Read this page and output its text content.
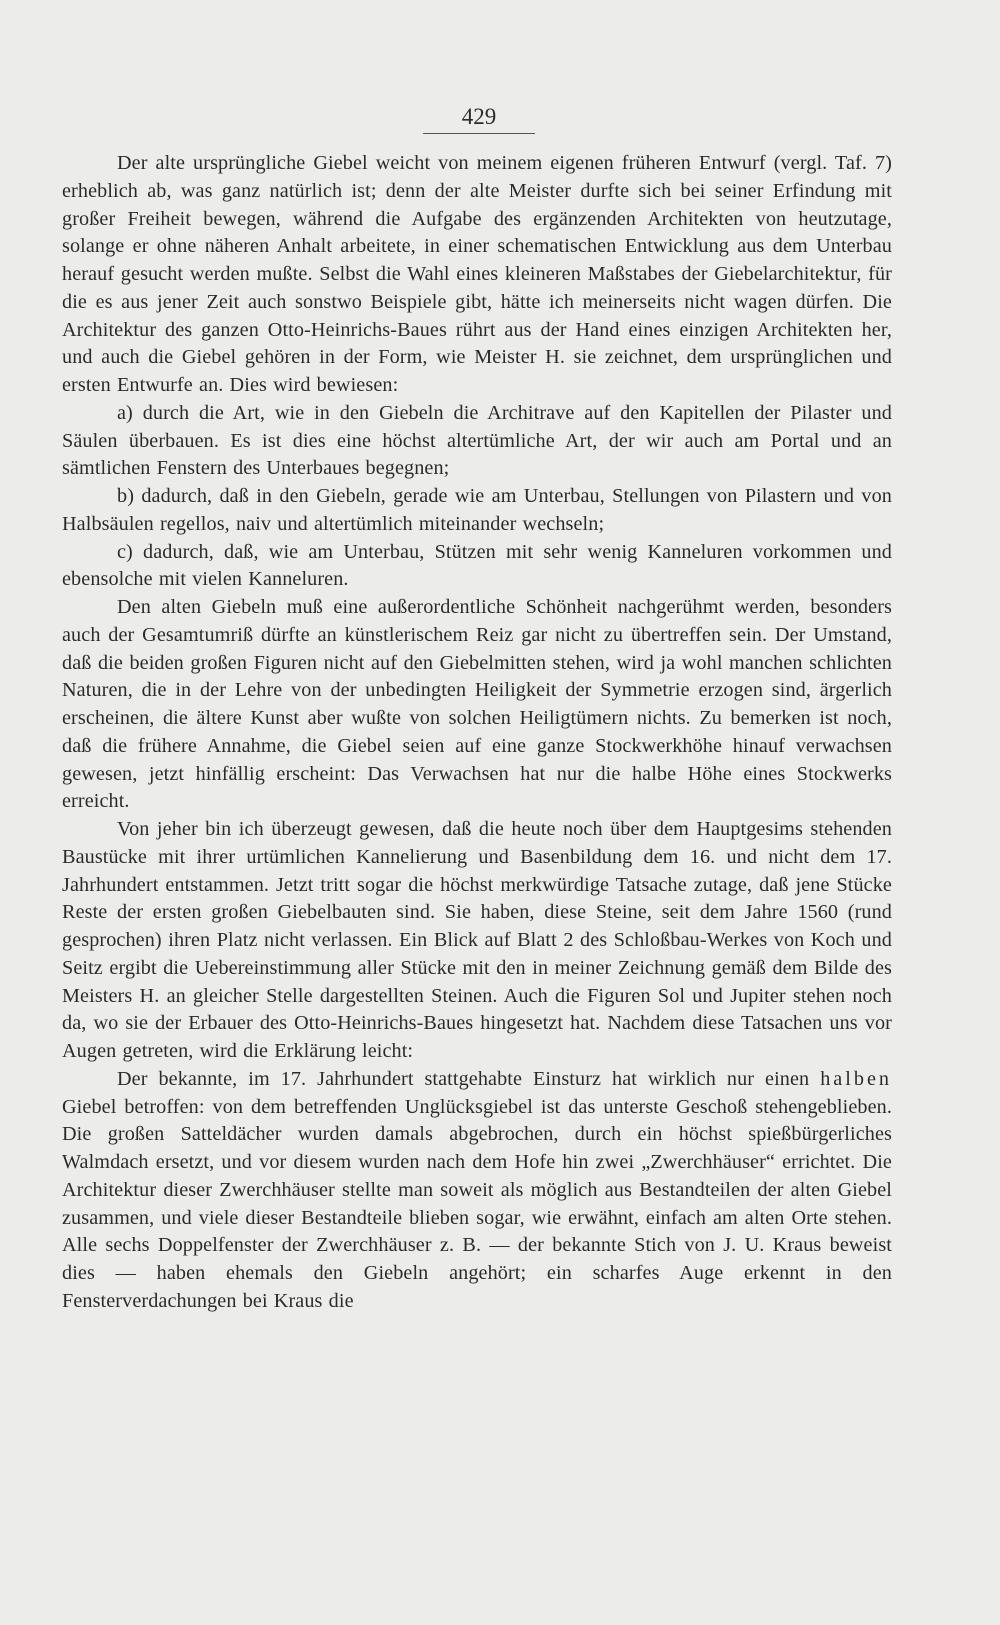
429

Der alte ursprüngliche Giebel weicht von meinem eigenen früheren Entwurf (vergl. Taf. 7) erheblich ab, was ganz natürlich ist; denn der alte Meister durfte sich bei seiner Erfindung mit großer Freiheit bewegen, während die Aufgabe des ergänzenden Architekten von heutzutage, solange er ohne näheren Anhalt arbeitete, in einer schematischen Entwicklung aus dem Unterbau herauf gesucht werden mußte. Selbst die Wahl eines kleineren Maßstabes der Giebelarchitektur, für die es aus jener Zeit auch sonstwo Beispiele gibt, hätte ich meinerseits nicht wagen dürfen. Die Architektur des ganzen Otto-Heinrichs-Baues rührt aus der Hand eines einzigen Architekten her, und auch die Giebel gehören in der Form, wie Meister H. sie zeichnet, dem ursprünglichen und ersten Entwurfe an. Dies wird bewiesen:

a) durch die Art, wie in den Giebeln die Architrave auf den Kapitellen der Pilaster und Säulen überbauen. Es ist dies eine höchst altertümliche Art, der wir auch am Portal und an sämtlichen Fenstern des Unterbaues begegnen;

b) dadurch, daß in den Giebeln, gerade wie am Unterbau, Stellungen von Pilastern und von Halbsäulen regellos, naiv und altertümlich miteinander wechseln;

c) dadurch, daß, wie am Unterbau, Stützen mit sehr wenig Kanneluren vorkommen und ebensolche mit vielen Kanneluren.

Den alten Giebeln muß eine außerordentliche Schönheit nachgerühmt werden, besonders auch der Gesamtumriß dürfte an künstlerischem Reiz gar nicht zu übertreffen sein. Der Umstand, daß die beiden großen Figuren nicht auf den Giebelmitten stehen, wird ja wohl manchen schlichten Naturen, die in der Lehre von der unbedingten Heiligkeit der Symmetrie erzogen sind, ärgerlich erscheinen, die ältere Kunst aber wußte von solchen Heiligtümern nichts. Zu bemerken ist noch, daß die frühere Annahme, die Giebel seien auf eine ganze Stockwerkhöhe hinauf verwachsen gewesen, jetzt hinfällig erscheint: Das Verwachsen hat nur die halbe Höhe eines Stockwerks erreicht.

Von jeher bin ich überzeugt gewesen, daß die heute noch über dem Hauptgesims stehenden Baustücke mit ihrer urtümlichen Kannelierung und Basenbildung dem 16. und nicht dem 17. Jahrhundert entstammen. Jetzt tritt sogar die höchst merkwürdige Tatsache zutage, daß jene Stücke Reste der ersten großen Giebelbauten sind. Sie haben, diese Steine, seit dem Jahre 1560 (rund gesprochen) ihren Platz nicht verlassen. Ein Blick auf Blatt 2 des Schloßbau-Werkes von Koch und Seitz ergibt die Uebereinstimmung aller Stücke mit den in meiner Zeichnung gemäß dem Bilde des Meisters H. an gleicher Stelle dargestellten Steinen. Auch die Figuren Sol und Jupiter stehen noch da, wo sie der Erbauer des Otto-Heinrichs-Baues hingesetzt hat. Nachdem diese Tatsachen uns vor Augen getreten, wird die Erklärung leicht:

Der bekannte, im 17. Jahrhundert stattgehabte Einsturz hat wirklich nur einen halben Giebel betroffen: von dem betreffenden Unglücksgiebel ist das unterste Geschoß stehengeblieben. Die großen Satteldächer wurden damals abgebrochen, durch ein höchst spießbürgerliches Walmdach ersetzt, und vor diesem wurden nach dem Hofe hin zwei „Zwerchhäuser“ errichtet. Die Architektur dieser Zwerchhäuser stellte man soweit als möglich aus Bestandteilen der alten Giebel zusammen, und viele dieser Bestandteile blieben sogar, wie erwähnt, einfach am alten Orte stehen. Alle sechs Doppelfenster der Zwerchhäuser z. B. — der bekannte Stich von J. U. Kraus beweist dies — haben ehemals den Giebeln angehört; ein scharfes Auge erkennt in den Fensterverdachungen bei Kraus die
